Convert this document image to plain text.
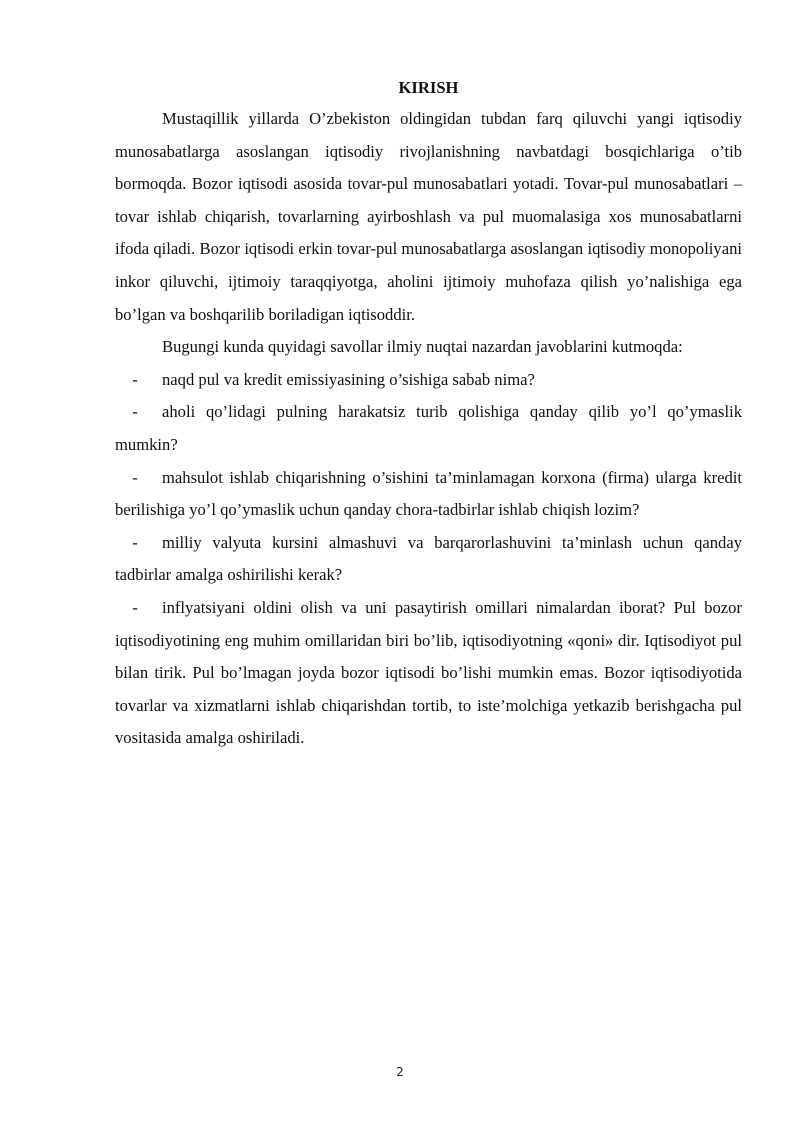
KIRISH

Mustaqillik yillarda O’zbekiston oldingidan tubdan farq qiluvchi yangi iqtisodiy munosabatlarga asoslangan iqtisodiy rivojlanishning navbatdagi bosqichlariga o’tib bormoqda. Bozor iqtisodi asosida tovar-pul munosabatlari yotadi. Tovar-pul munosabatlari – tovar ishlab chiqarish, tovarlarning ayirboshlash va pul muomalasiga xos munosabatlarni ifoda qiladi. Bozor iqtisodi erkin tovar-pul munosabatlarga asoslangan iqtisodiy monopoliyani inkor qiluvchi, ijtimoiy taraqqiyotga, aholini ijtimoiy muhofaza qilish yo’nalishiga ega bo’lgan va boshqarilib boriladigan iqtisoddir.

Bugungi kunda quyidagi savollar ilmiy nuqtai nazardan javoblarini kutmoqda:

- naqd pul va kredit emissiyasining o’sishiga sabab nima?

- aholi qo’lidagi pulning harakatsiz turib qolishiga qanday qilib yo’l qo’ymaslik mumkin?

- mahsulot ishlab chiqarishning o’sishini ta’minlamagan korxona (firma) ularga kredit berilishiga yo’l qo’ymaslik uchun qanday chora-tadbirlar ishlab chiqish lozim?

- milliy valyuta kursini almashuvi va barqarorlashuvini ta’minlash uchun qanday tadbirlar amalga oshirilishi kerak?

- inflyatsiyani oldini olish va uni pasaytirish omillari nimalardan iborat? Pul bozor iqtisodiyotining eng muhim omillaridan biri bo’lib, iqtisodiyotning «qoni» dir. Iqtisodiyot pul bilan tirik. Pul bo’lmagan joyda bozor iqtisodi bo’lishi mumkin emas. Bozor iqtisodiyotida tovarlar va xizmatlarni ishlab chiqarishdan tortib, to iste’molchiga yetkazib berishgacha pul vositasida amalga oshiriladi.

2
